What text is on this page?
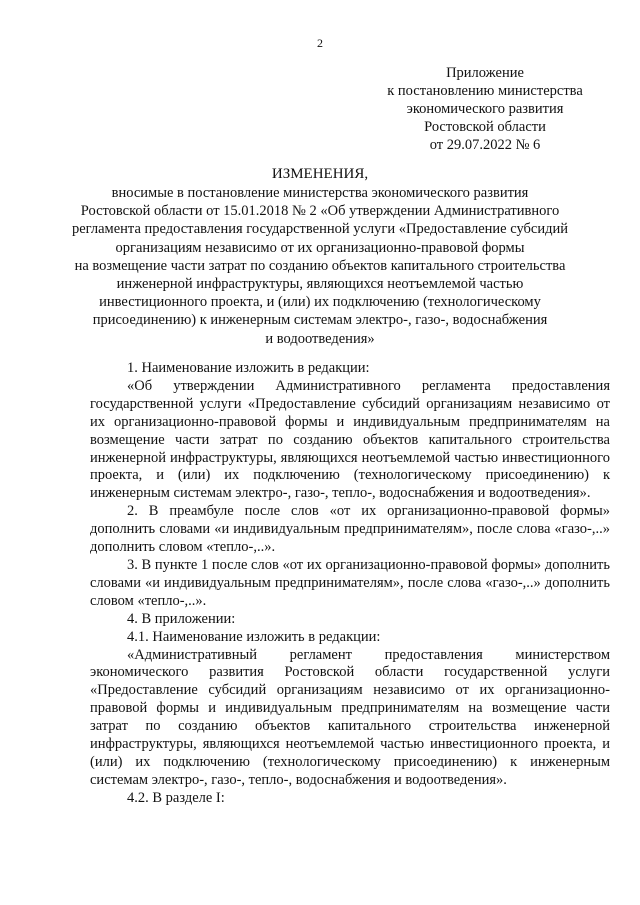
2
Приложение
к постановлению министерства
экономического развития
Ростовской области
от 29.07.2022 № 6
ИЗМЕНЕНИЯ,
вносимые в постановление министерства экономического развития
Ростовской области от 15.01.2018 № 2 «Об утверждении Административного
регламента предоставления государственной услуги «Предоставление субсидий
организациям независимо от их организационно-правовой формы
на возмещение части затрат по созданию объектов капитального строительства
инженерной инфраструктуры, являющихся неотъемлемой частью
инвестиционного проекта, и (или) их подключению (технологическому
присоединению) к инженерным системам электро-, газо-, водоснабжения
и водоотведения»

1. Наименование изложить в редакции:

«Об утверждении Административного регламента предоставления государственной услуги «Предоставление субсидий организациям независимо от их организационно-правовой формы и индивидуальным предпринимателям на возмещение части затрат по созданию объектов капитального строительства инженерной инфраструктуры, являющихся неотъемлемой частью инвестиционного проекта, и (или) их подключению (технологическому присоединению) к инженерным системам электро-, газо-, тепло-, водоснабжения и водоотведения».

2. В преамбуле после слов «от их организационно-правовой формы» дополнить словами «и индивидуальным предпринимателям», после слова «газо-,..» дополнить словом «тепло-,..».

3. В пункте 1 после слов «от их организационно-правовой формы» дополнить словами «и индивидуальным предпринимателям», после слова «газо-,..» дополнить словом «тепло-,..».

4. В приложении:

4.1. Наименование изложить в редакции:

«Административный регламент предоставления министерством экономического развития Ростовской области государственной услуги «Предоставление субсидий организациям независимо от их организационно-правовой формы и индивидуальным предпринимателям на возмещение части затрат по созданию объектов капитального строительства инженерной инфраструктуры, являющихся неотъемлемой частью инвестиционного проекта, и (или) их подключению (технологическому присоединению) к инженерным системам электро-, газо-, тепло-, водоснабжения и водоотведения».

4.2. В разделе I:
